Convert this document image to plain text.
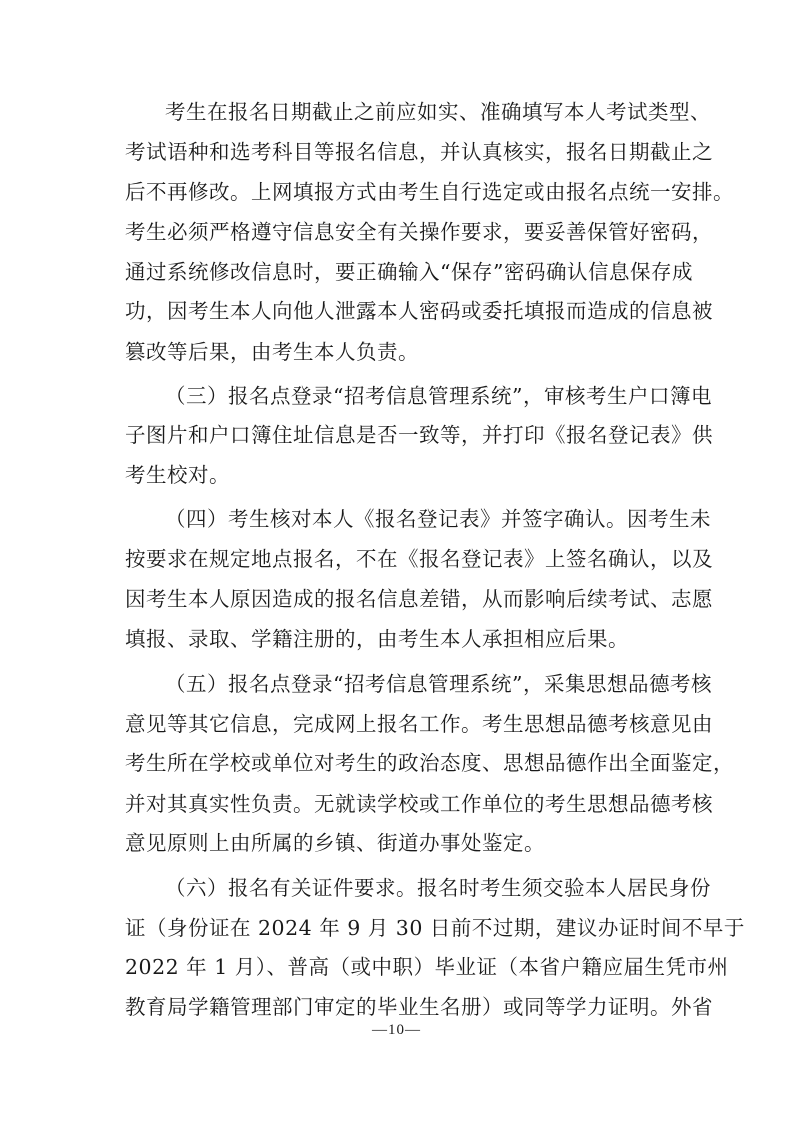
考生在报名日期截止之前应如实、准确填写本人考试类型、
考试语种和选考科目等报名信息，并认真核实，报名日期截止之
后不再修改。上网填报方式由考生自行选定或由报名点统一安排。
考生必须严格遵守信息安全有关操作要求，要妥善保管好密码，
通过系统修改信息时，要正确输入“保存”密码确认信息保存成
功，因考生本人向他人泄露本人密码或委托填报而造成的信息被
篡改等后果，由考生本人负责。
（三）报名点登录“招考信息管理系统”，审核考生户口簿电
子图片和户口簿住址信息是否一致等，并打印《报名登记表》供
考生校对。
（四）考生核对本人《报名登记表》并签字确认。因考生未
按要求在规定地点报名，不在《报名登记表》上签名确认，以及
因考生本人原因造成的报名信息差错，从而影响后续考试、志愿
填报、录取、学籍注册的，由考生本人承担相应后果。
（五）报名点登录“招考信息管理系统”，采集思想品德考核
意见等其它信息，完成网上报名工作。考生思想品德考核意见由
考生所在学校或单位对考生的政治态度、思想品德作出全面鉴定，
并对其真实性负责。无就读学校或工作单位的考生思想品德考核
意见原则上由所属的乡镇、街道办事处鉴定。
（六）报名有关证件要求。报名时考生须交验本人居民身份
证（身份证在 2024 年 9 月 30 日前不过期，建议办证时间不早于
2022 年 1 月）、普高（或中职）毕业证（本省户籍应届生凭市州
教育局学籍管理部门审定的毕业生名册）或同等学力证明。外省
—10—
